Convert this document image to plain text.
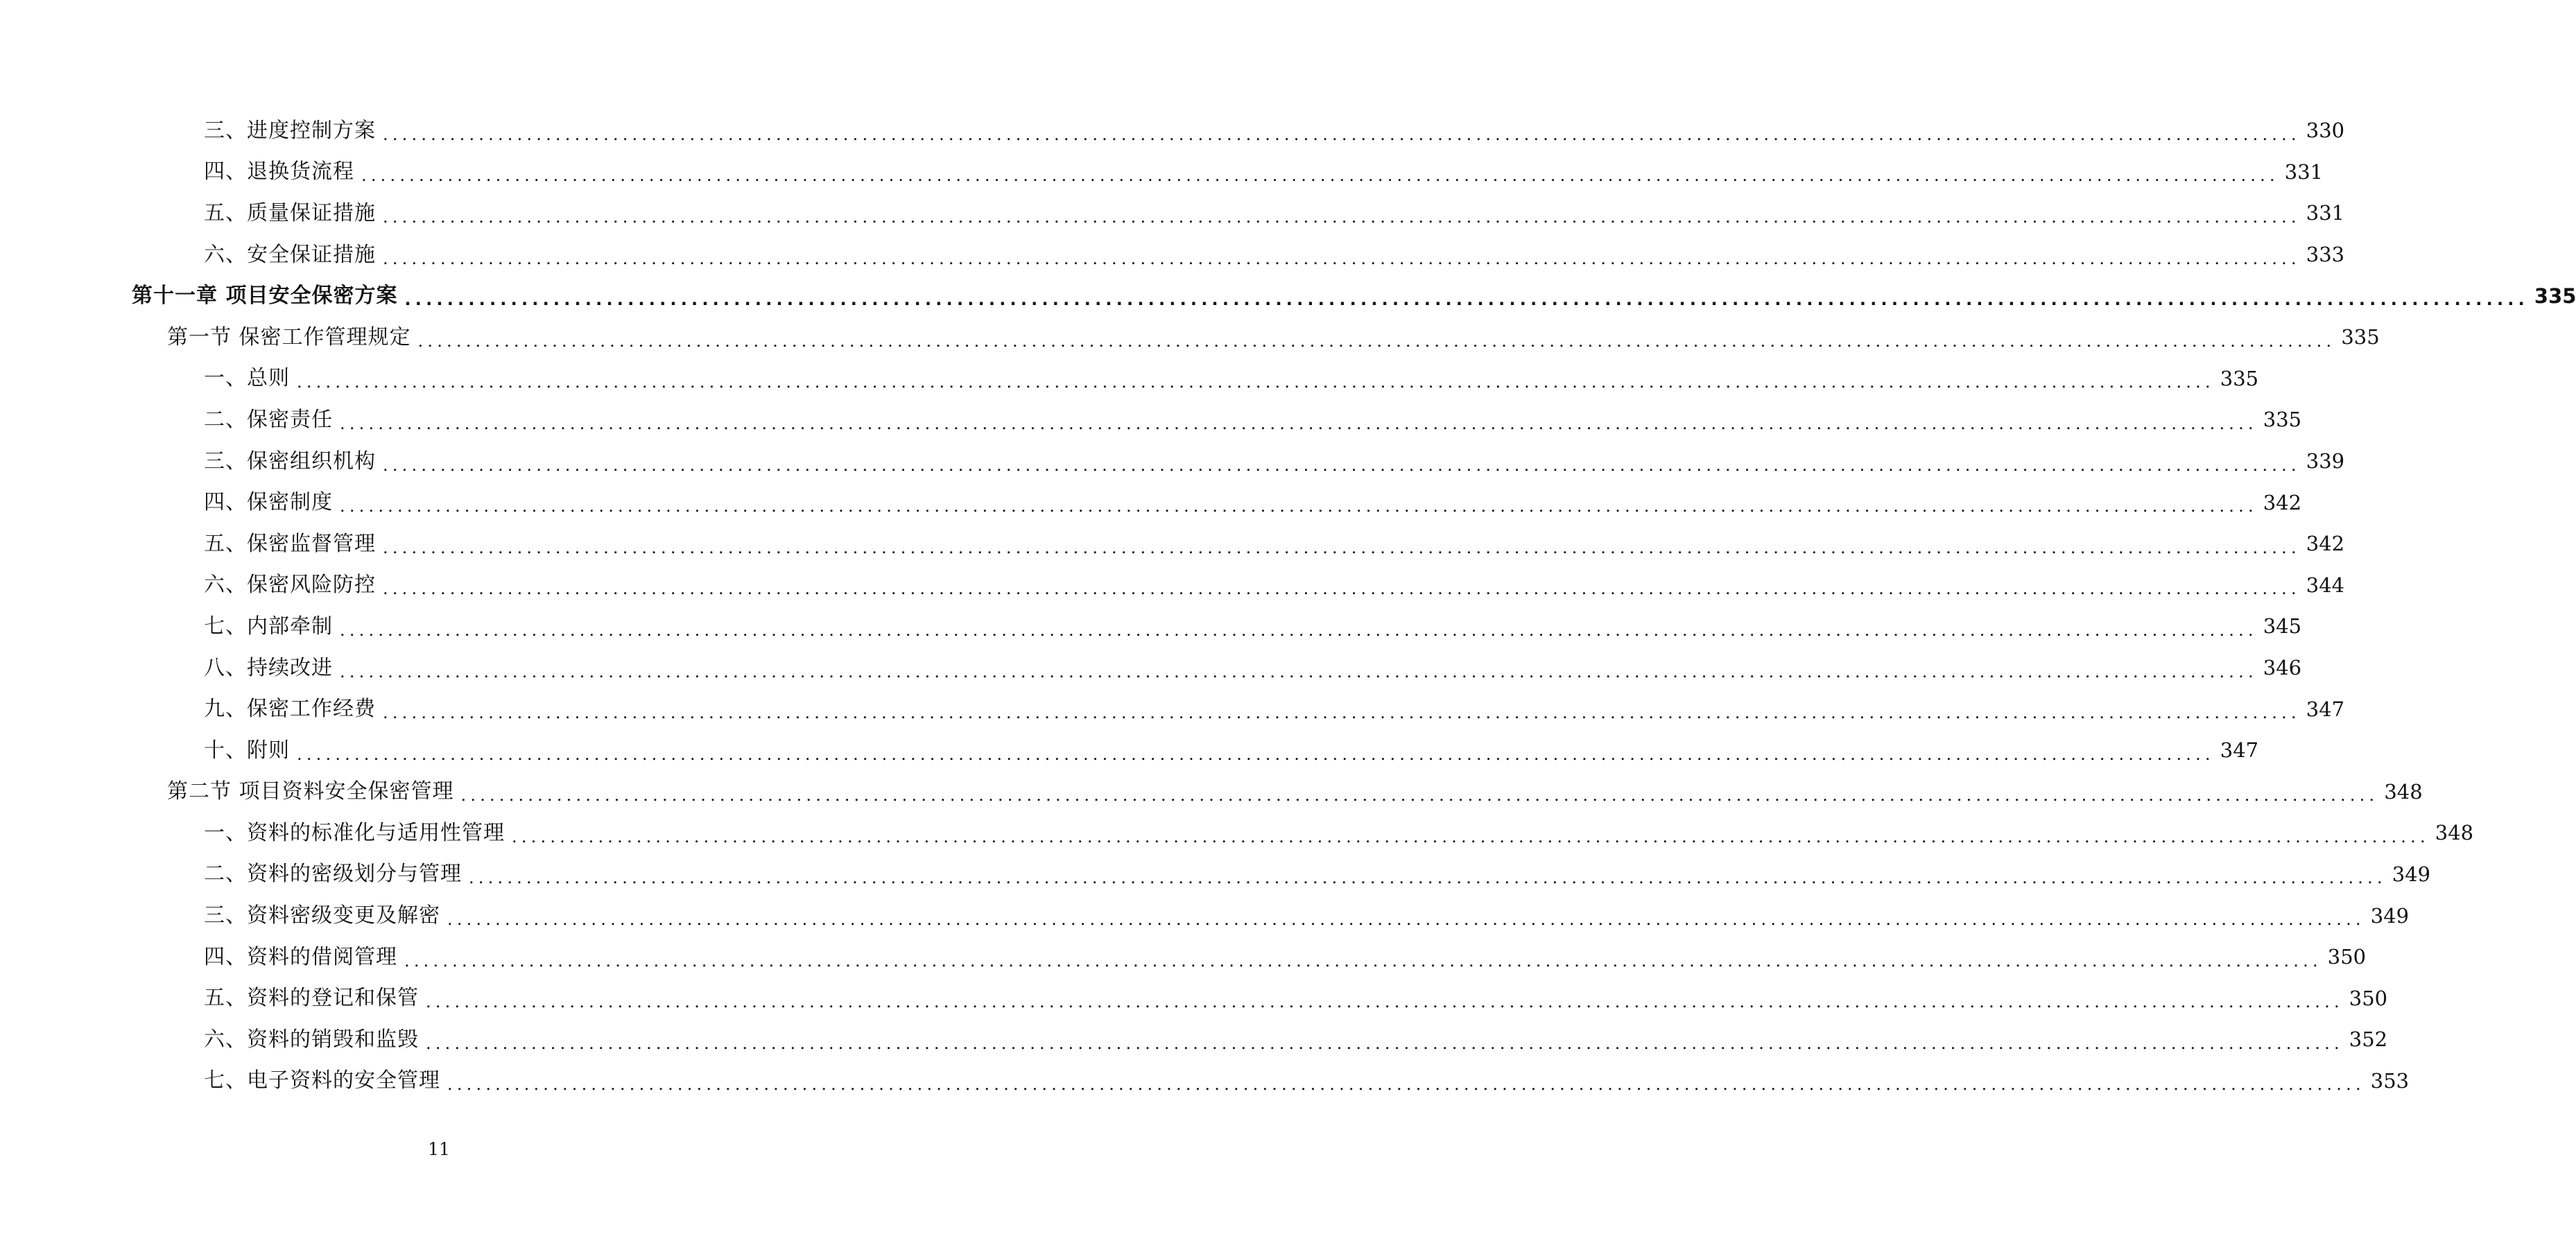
三、进度控制方案 ........................................................................................................................................................................................................ 330
四、退换货流程 ........................................................................................................................................................................................................ 331
五、质量保证措施 ........................................................................................................................................................................................................ 331
六、安全保证措施 ........................................................................................................................................................................................................ 333
第十一章 项目安全保密方案 ........................................................................................................................................................................................................ 335
第一节 保密工作管理规定 ........................................................................................................................................................................................................ 335
一、总则 ........................................................................................................................................................................................................ 335
二、保密责任 ........................................................................................................................................................................................................ 335
三、保密组织机构 ........................................................................................................................................................................................................ 339
四、保密制度 ........................................................................................................................................................................................................ 342
五、保密监督管理 ........................................................................................................................................................................................................ 342
六、保密风险防控 ........................................................................................................................................................................................................ 344
七、内部牵制 ........................................................................................................................................................................................................ 345
八、持续改进 ........................................................................................................................................................................................................ 346
九、保密工作经费 ........................................................................................................................................................................................................ 347
十、附则 ........................................................................................................................................................................................................ 347
第二节 项目资料安全保密管理 ........................................................................................................................................................................................................ 348
一、资料的标准化与适用性管理 ........................................................................................................................................................................................................ 348
二、资料的密级划分与管理 ........................................................................................................................................................................................................ 349
三、资料密级变更及解密 ........................................................................................................................................................................................................ 349
四、资料的借阅管理 ........................................................................................................................................................................................................ 350
五、资料的登记和保管 ........................................................................................................................................................................................................ 350
六、资料的销毁和监毁 ........................................................................................................................................................................................................ 352
七、电子资料的安全管理 ........................................................................................................................................................................................................ 353
11
